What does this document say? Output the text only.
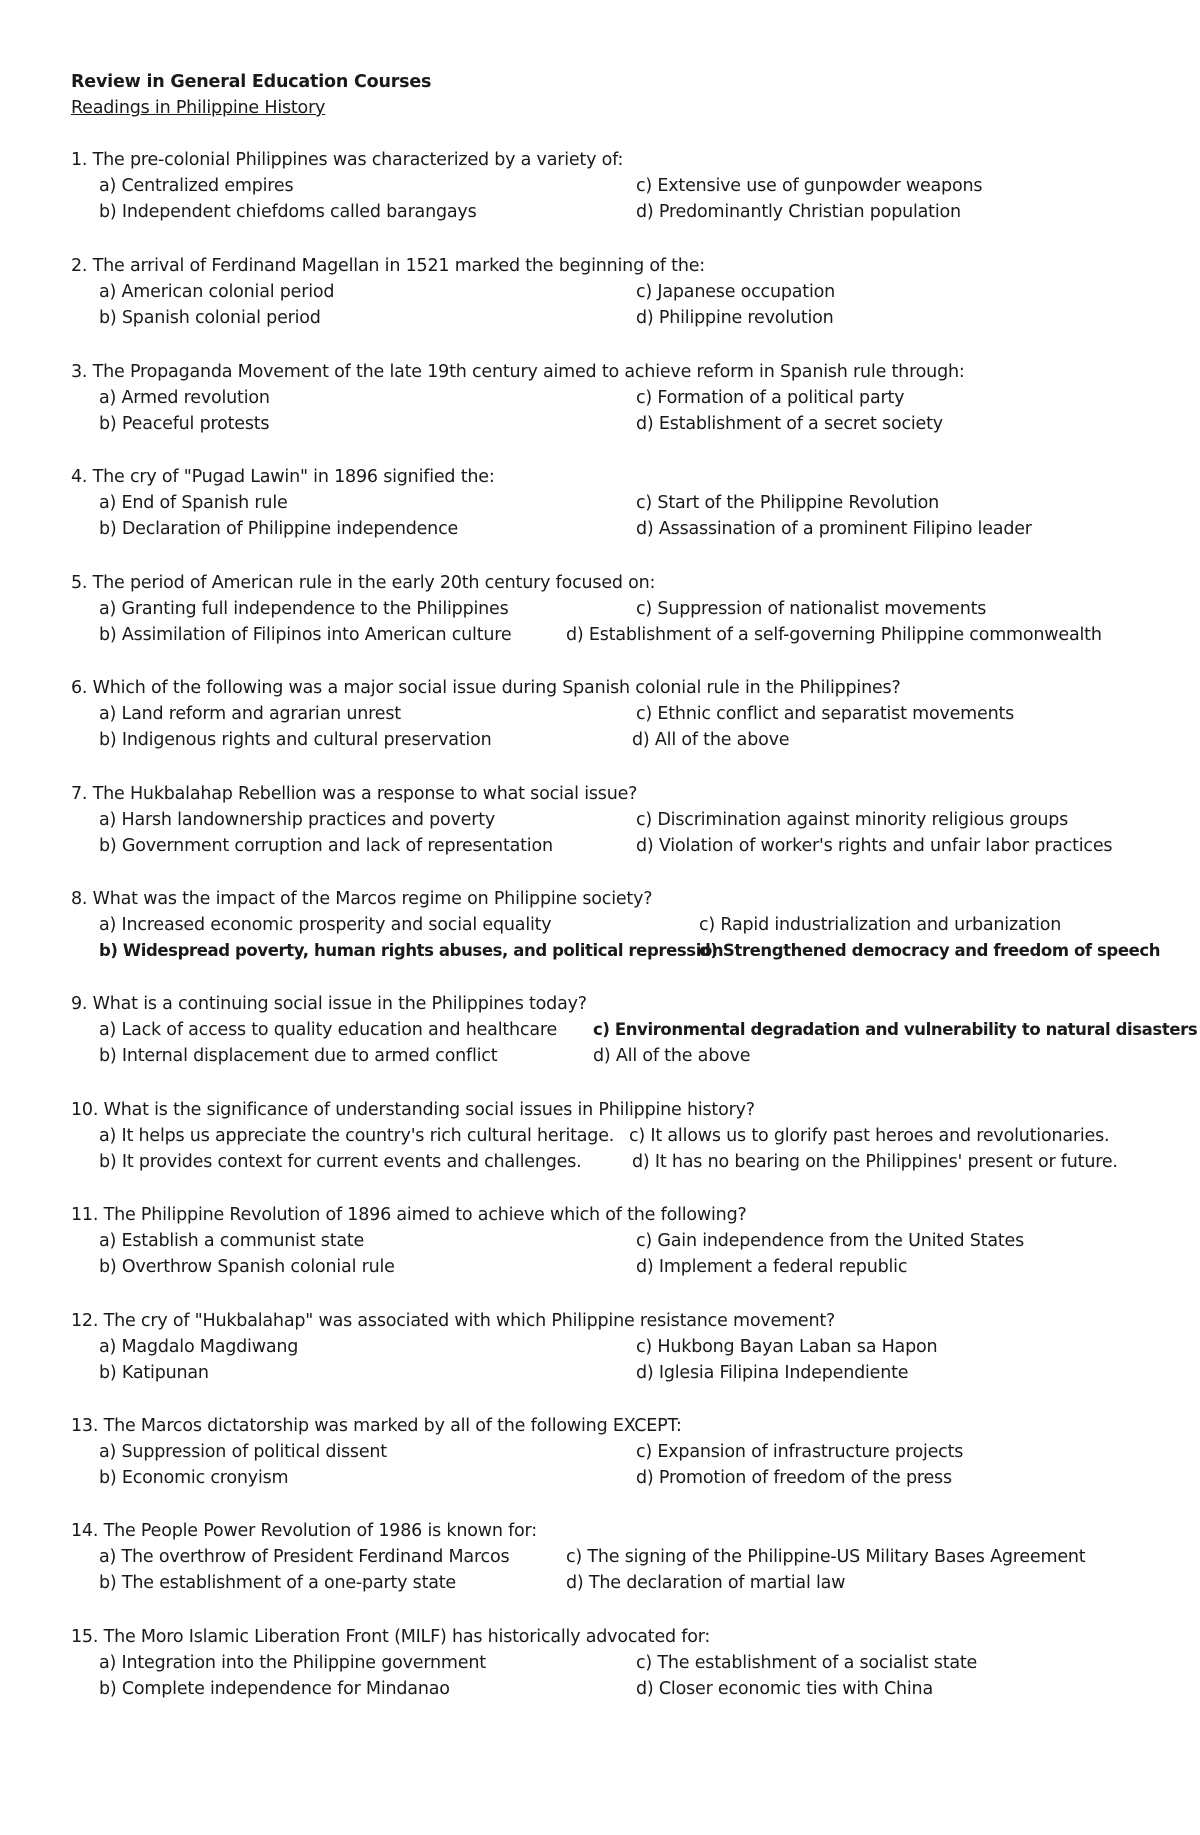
Review in General Education Courses
Readings in Philippine History
1. The pre-colonial Philippines was characterized by a variety of:
a) Centralized empires
b) Independent chiefdoms called barangays
c) Extensive use of gunpowder weapons
d) Predominantly Christian population
2. The arrival of Ferdinand Magellan in 1521 marked the beginning of the:
a) American colonial period
b) Spanish colonial period
c) Japanese occupation
d) Philippine revolution
3. The Propaganda Movement of the late 19th century aimed to achieve reform in Spanish rule through:
a) Armed revolution
b) Peaceful protests
c) Formation of a political party
d) Establishment of a secret society
4. The cry of "Pugad Lawin" in 1896 signified the:
a) End of Spanish rule
b) Declaration of Philippine independence
c) Start of the Philippine Revolution
d) Assassination of a prominent Filipino leader
5. The period of American rule in the early 20th century focused on:
a) Granting full independence to the Philippines
b) Assimilation of Filipinos into American culture
c) Suppression of nationalist movements
d) Establishment of a self-governing Philippine commonwealth
6. Which of the following was a major social issue during Spanish colonial rule in the Philippines?
a) Land reform and agrarian unrest
b) Indigenous rights and cultural preservation
c) Ethnic conflict and separatist movements
d) All of the above
7. The Hukbalahap Rebellion was a response to what social issue?
a) Harsh landownership practices and poverty
b) Government corruption and lack of representation
c) Discrimination against minority religious groups
d) Violation of worker's rights and unfair labor practices
8. What was the impact of the Marcos regime on Philippine society?
a) Increased economic prosperity and social equality
b) Widespread poverty, human rights abuses, and political repression
c) Rapid industrialization and urbanization
d) Strengthened democracy and freedom of speech
9. What is a continuing social issue in the Philippines today?
a) Lack of access to quality education and healthcare
b) Internal displacement due to armed conflict
c) Environmental degradation and vulnerability to natural disasters
d) All of the above
10. What is the significance of understanding social issues in Philippine history?
a) It helps us appreciate the country's rich cultural heritage.
b) It provides context for current events and challenges.
c) It allows us to glorify past heroes and revolutionaries.
d) It has no bearing on the Philippines' present or future.
11. The Philippine Revolution of 1896 aimed to achieve which of the following?
a) Establish a communist state
b) Overthrow Spanish colonial rule
c) Gain independence from the United States
d) Implement a federal republic
12. The cry of "Hukbalahap" was associated with which Philippine resistance movement?
a) Magdalo Magdiwang
b) Katipunan
c) Hukbong Bayan Laban sa Hapon
d) Iglesia Filipina Independiente
13. The Marcos dictatorship was marked by all of the following EXCEPT:
a) Suppression of political dissent
b) Economic cronyism
c) Expansion of infrastructure projects
d) Promotion of freedom of the press
14. The People Power Revolution of 1986 is known for:
a) The overthrow of President Ferdinand Marcos
b) The establishment of a one-party state
c) The signing of the Philippine-US Military Bases Agreement
d) The declaration of martial law
15. The Moro Islamic Liberation Front (MILF) has historically advocated for:
a) Integration into the Philippine government
b) Complete independence for Mindanao
c) The establishment of a socialist state
d) Closer economic ties with China
